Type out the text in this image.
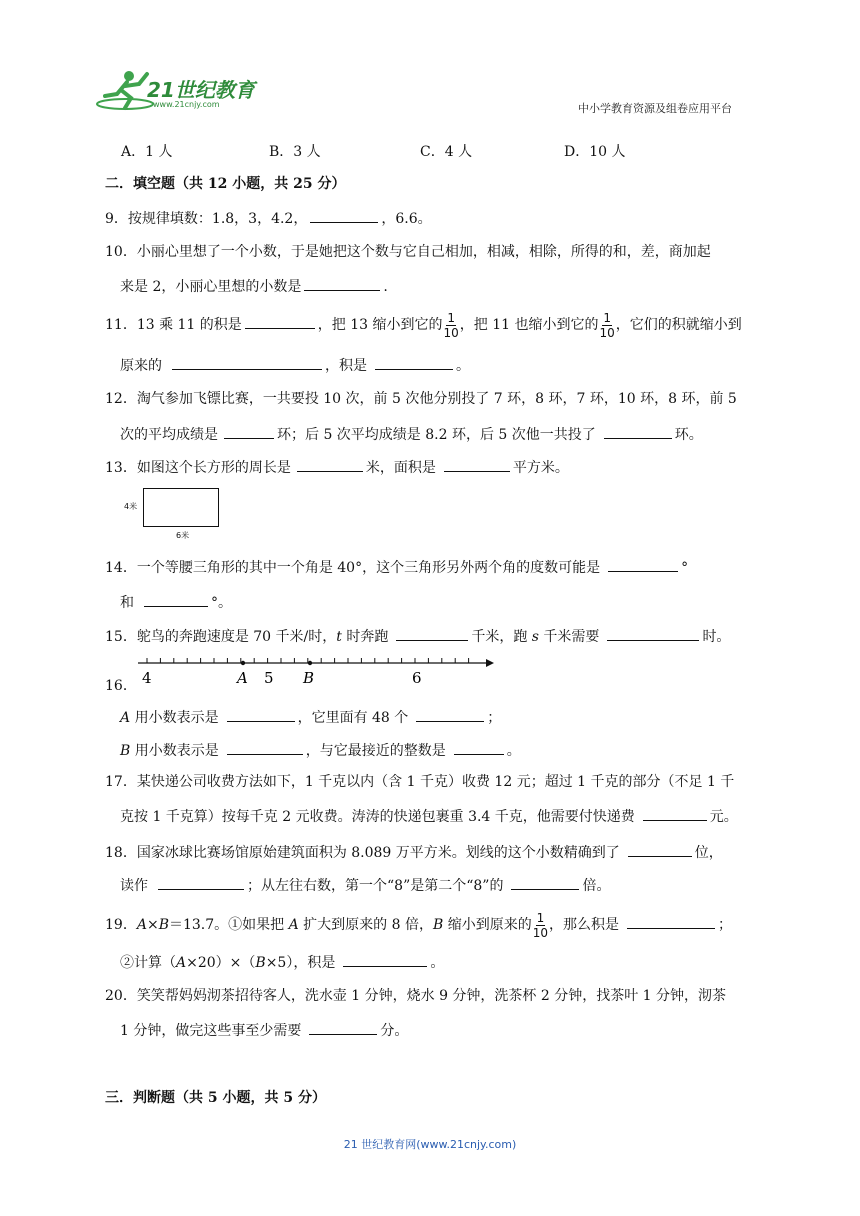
21世纪教育
www.21cnjy.com	中小学教育资源及组卷应用平台
A．1 人	B．3 人	C．4 人	D．10 人
二．填空题（共 12 小题，共 25 分）
9．按规律填数：1.8，3，4.2，	，6.6。
10．小丽心里想了一个小数，于是她把这个数与它自己相加，相减，相除，所得的和，差，商加起
来是 2，小丽心里想的小数是	.
11．13 乘 11 的积是	，把 13 缩小到它的 $\frac{1}{10}$ ，把 11 也缩小到它的 $\frac{1}{10}$ ，它们的积就缩小到
原来的	，积是	。
12．淘气参加飞镖比赛，一共要投 10 次，前 5 次他分别投了 7 环，8 环，7 环，10 环，8 环，前 5
次的平均成绩是	环；后 5 次平均成绩是 8.2 环，后 5 次他一共投了	环。
13．如图这个长方形的周长是	米，面积是	平方米。
4米
6米
14．一个等腰三角形的其中一个角是 40°，这个三角形另外两个角的度数可能是	°
和	°。
15．鸵鸟的奔跑速度是 70 千米/时，t 时奔跑	千米，跑 s 千米需要	时。
16． 4	A 5 B	6
A 用小数表示是	，它里面有 48 个	；
B 用小数表示是	，与它最接近的整数是	。
17．某快递公司收费方法如下，1 千克以内（含 1 千克）收费 12 元；超过 1 千克的部分（不足 1 千
克按 1 千克算）按每千克 2 元收费。涛涛的快递包裹重 3.4 千克，他需要付快递费	元。
18．国家冰球比赛场馆原始建筑面积为 8.089 万平方米。划线的这个小数精确到了	位，
读作	；从左往右数，第一个“8”是第二个“8”的	倍。
19．A×B＝13.7。①如果把 A 扩大到原来的 8 倍，B 缩小到原来的 $\frac{1}{10}$ ，那么积是	；
②计算（A×20）×（B×5），积是	。
20．笑笑帮妈妈沏茶招待客人，洗水壶 1 分钟，烧水 9 分钟，洗茶杯 2 分钟，找茶叶 1 分钟，沏茶
1 分钟，做完这些事至少需要	分。
三．判断题（共 5 小题，共 5 分）
21 世纪教育网(www.21cnjy.com)
